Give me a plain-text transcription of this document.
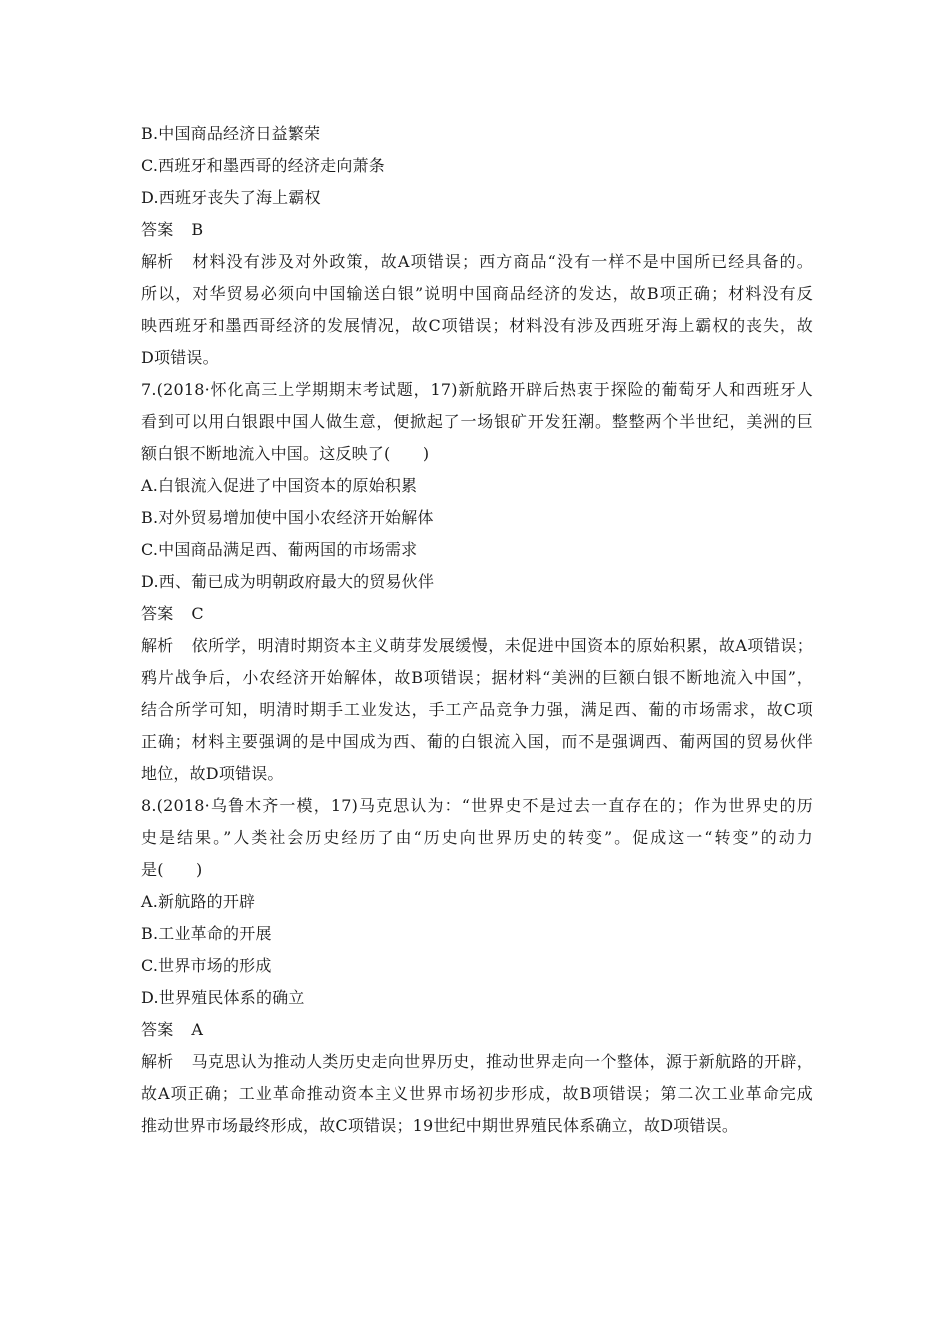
B.中国商品经济日益繁荣
C.西班牙和墨西哥的经济走向萧条
D.西班牙丧失了海上霸权
答案 B
解析 材料没有涉及对外政策，故A项错误；西方商品“没有一样不是中国所已经具备的。
所以，对华贸易必须向中国输送白银”说明中国商品经济的发达，故B项正确；材料没有反
映西班牙和墨西哥经济的发展情况，故C项错误；材料没有涉及西班牙海上霸权的丧失，故
D项错误。
7.(2018·怀化高三上学期期末考试题，17)新航路开辟后热衷于探险的葡萄牙人和西班牙人
看到可以用白银跟中国人做生意，便掀起了一场银矿开发狂潮。整整两个半世纪，美洲的巨
额白银不断地流入中国。这反映了(　　)
A.白银流入促进了中国资本的原始积累
B.对外贸易增加使中国小农经济开始解体
C.中国商品满足西、葡两国的市场需求
D.西、葡已成为明朝政府最大的贸易伙伴
答案 C
解析 依所学，明清时期资本主义萌芽发展缓慢，未促进中国资本的原始积累，故A项错误；
鸦片战争后，小农经济开始解体，故B项错误；据材料“美洲的巨额白银不断地流入中国”，
结合所学可知，明清时期手工业发达，手工产品竞争力强，满足西、葡的市场需求，故C项
正确；材料主要强调的是中国成为西、葡的白银流入国，而不是强调西、葡两国的贸易伙伴
地位，故D项错误。
8.(2018·乌鲁木齐一模，17)马克思认为：“世界史不是过去一直存在的；作为世界史的历
史是结果。”人类社会历史经历了由“历史向世界历史的转变”。促成这一“转变”的动力
是(　　)
A.新航路的开辟
B.工业革命的开展
C.世界市场的形成
D.世界殖民体系的确立
答案 A
解析 马克思认为推动人类历史走向世界历史，推动世界走向一个整体，源于新航路的开辟，
故A项正确；工业革命推动资本主义世界市场初步形成，故B项错误；第二次工业革命完成
推动世界市场最终形成，故C项错误；19世纪中期世界殖民体系确立，故D项错误。
